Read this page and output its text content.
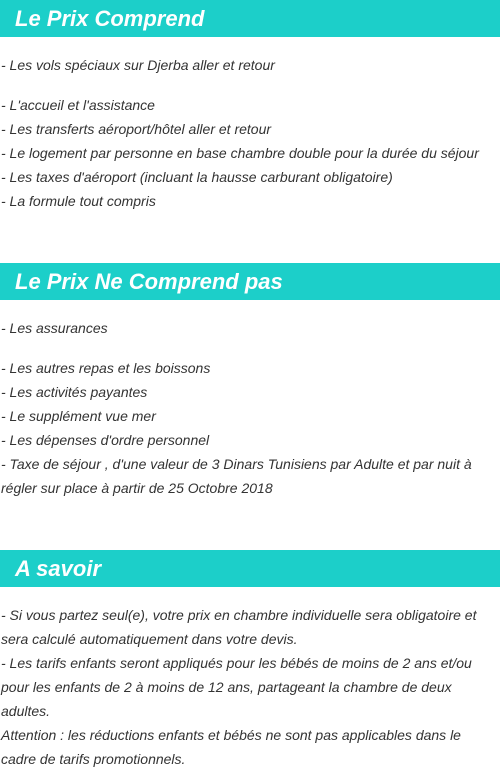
Le Prix Comprend
- Les vols spéciaux sur Djerba aller et retour
- L'accueil et l'assistance
- Les transferts aéroport/hôtel aller et retour
- Le logement par personne en base chambre double pour la durée du séjour
- Les taxes d'aéroport (incluant la hausse carburant obligatoire)
- La formule tout compris
Le Prix Ne Comprend pas
- Les assurances
- Les autres repas et les boissons
- Les activités payantes
- Le supplément vue mer
- Les dépenses d'ordre personnel
- Taxe de séjour , d'une valeur de 3 Dinars Tunisiens par Adulte et par nuit à régler sur place à partir de 25 Octobre 2018
A savoir
- Si vous partez seul(e), votre prix en chambre individuelle sera obligatoire et sera calculé automatiquement dans votre devis.
- Les tarifs enfants seront appliqués pour les bébés de moins de 2 ans et/ou pour les enfants de 2 à moins de 12 ans, partageant la chambre de deux adultes.
Attention : les réductions enfants et bébés ne sont pas applicables dans le cadre de tarifs promotionnels.
